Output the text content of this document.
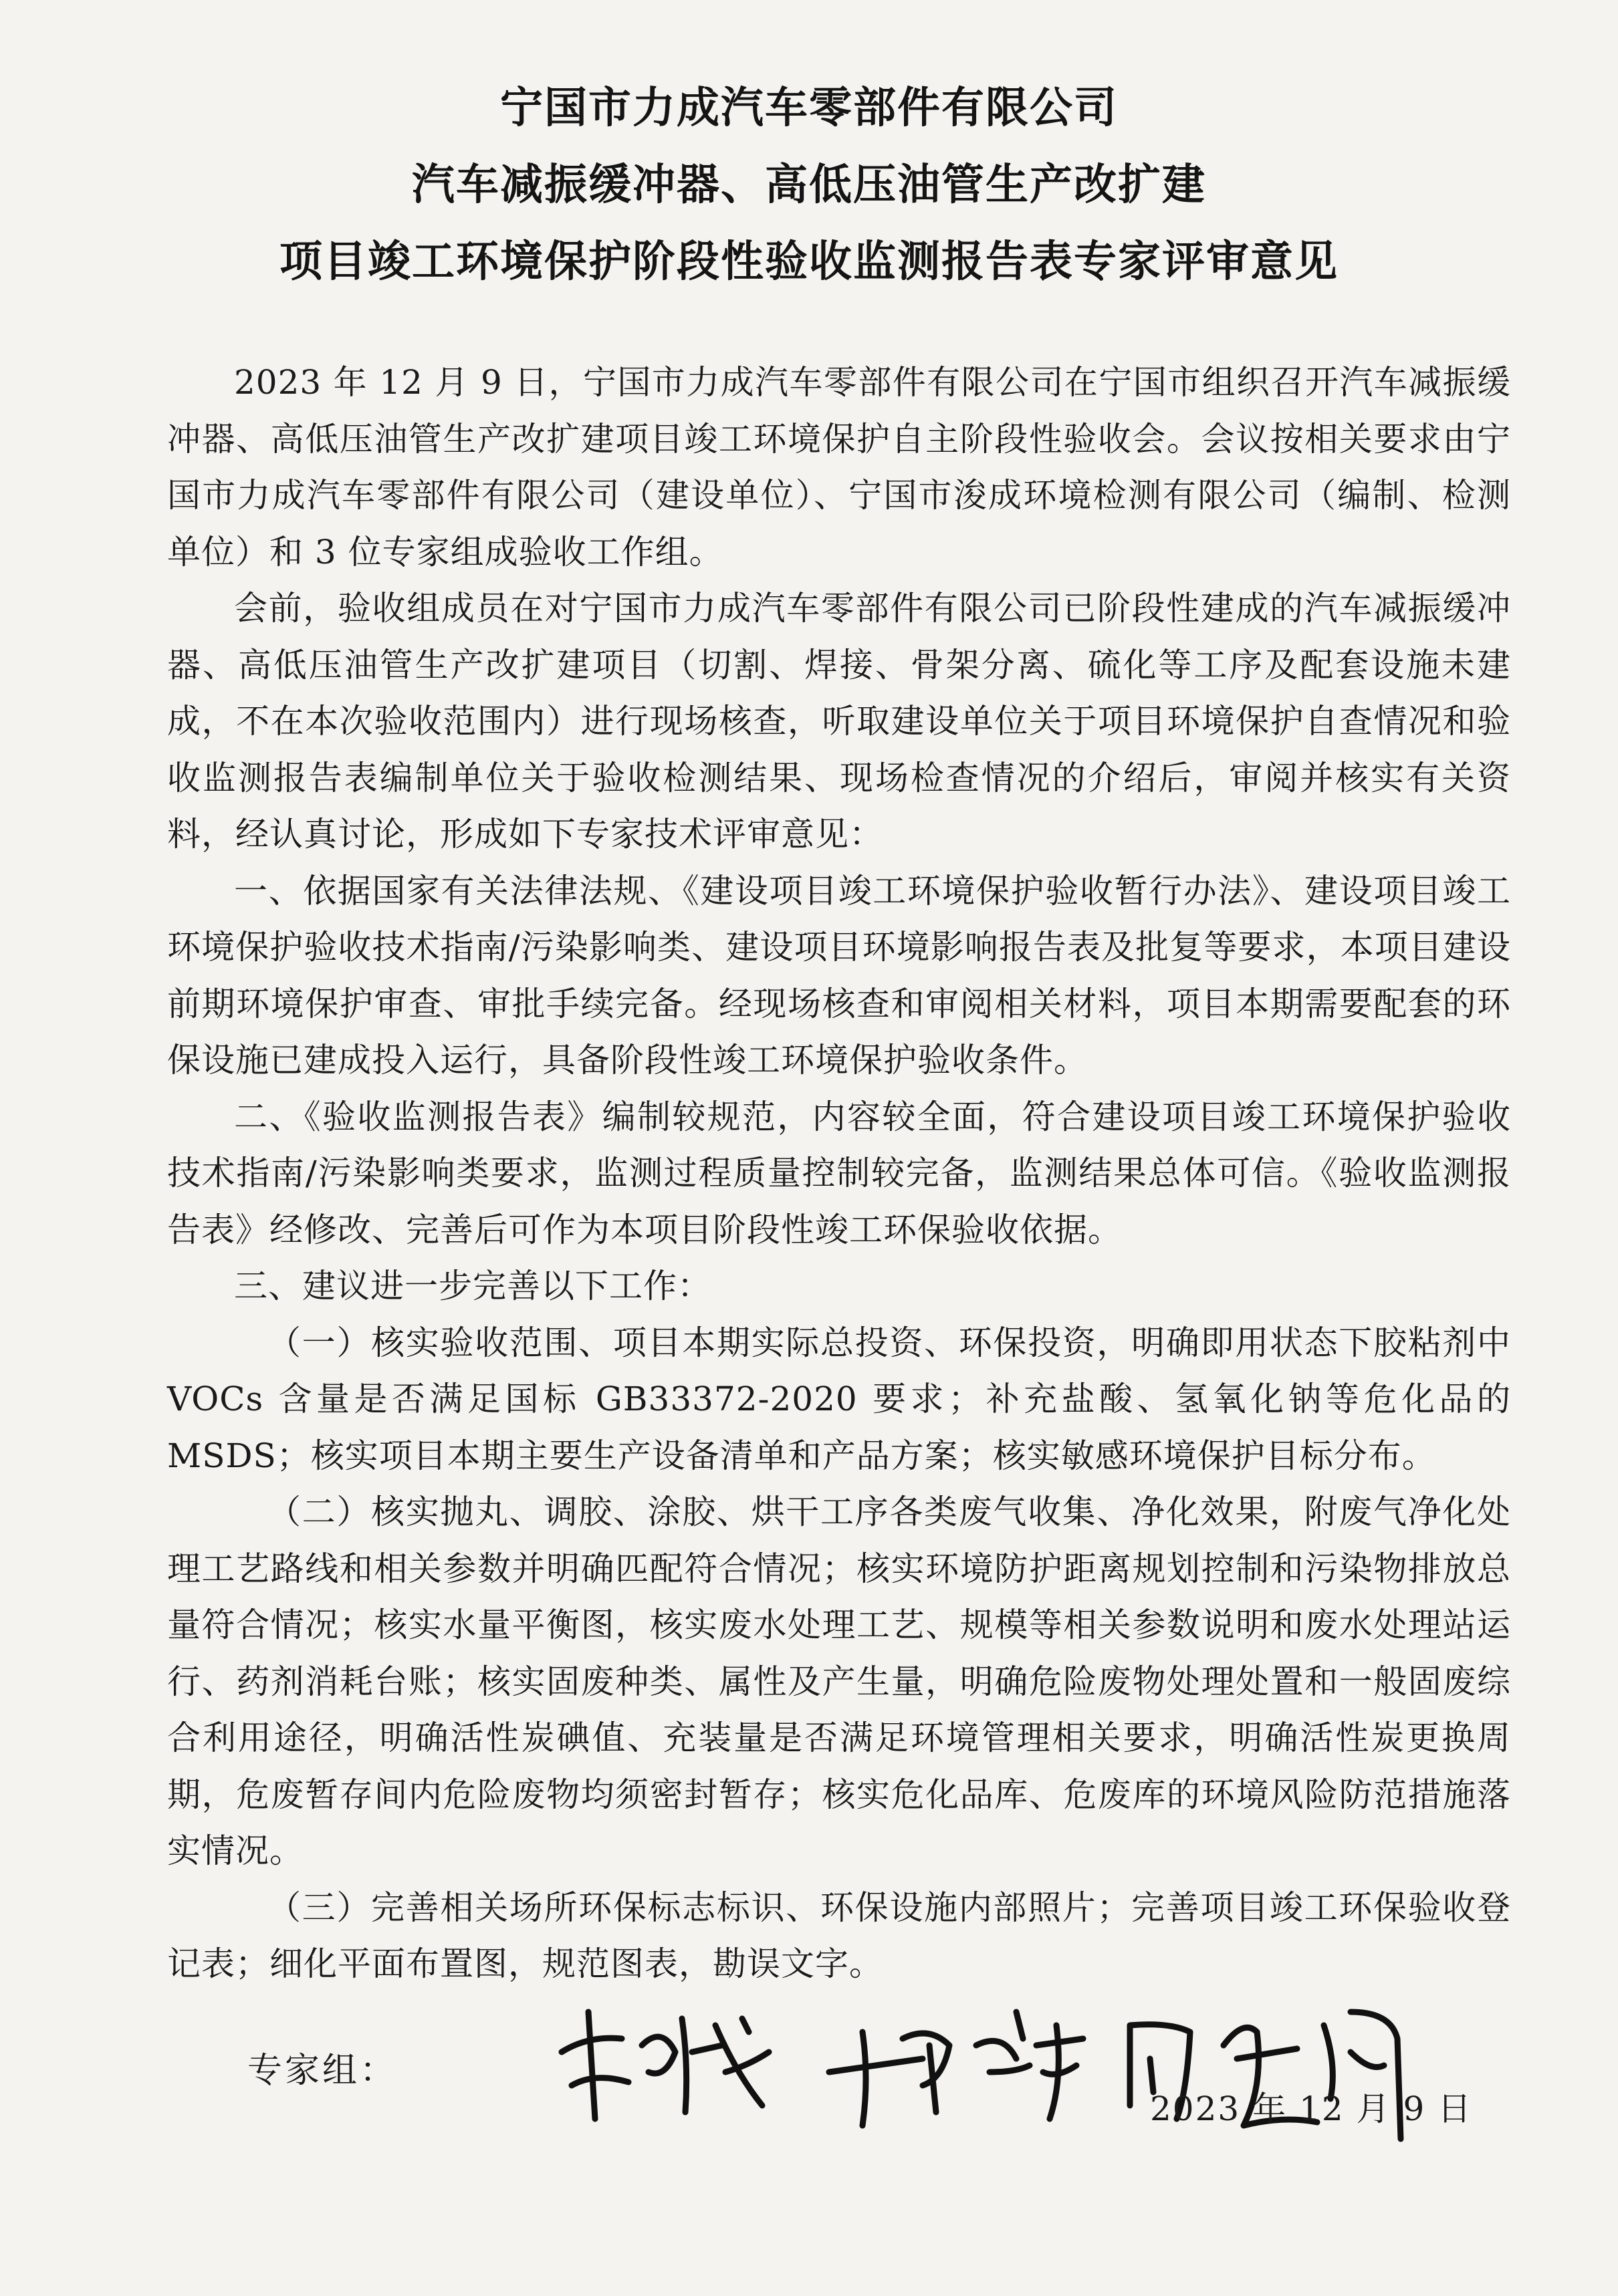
宁国市力成汽车零部件有限公司
汽车减振缓冲器、高低压油管生产改扩建
项目竣工环境保护阶段性验收监测报告表专家评审意见

2023 年 12 月 9 日，宁国市力成汽车零部件有限公司在宁国市组织召开汽车减振缓冲器、高低压油管生产改扩建项目竣工环境保护自主阶段性验收会。会议按相关要求由宁国市力成汽车零部件有限公司（建设单位）、宁国市浚成环境检测有限公司（编制、检测单位）和 3 位专家组成验收工作组。

会前，验收组成员在对宁国市力成汽车零部件有限公司已阶段性建成的汽车减振缓冲器、高低压油管生产改扩建项目（切割、焊接、骨架分离、硫化等工序及配套设施未建成，不在本次验收范围内）进行现场核查，听取建设单位关于项目环境保护自查情况和验收监测报告表编制单位关于验收检测结果、现场检查情况的介绍后，审阅并核实有关资料，经认真讨论，形成如下专家技术评审意见：

一、依据国家有关法律法规、《建设项目竣工环境保护验收暂行办法》、建设项目竣工环境保护验收技术指南/污染影响类、建设项目环境影响报告表及批复等要求，本项目建设前期环境保护审查、审批手续完备。经现场核查和审阅相关材料，项目本期需要配套的环保设施已建成投入运行，具备阶段性竣工环境保护验收条件。

二、《验收监测报告表》编制较规范，内容较全面，符合建设项目竣工环境保护验收技术指南/污染影响类要求，监测过程质量控制较完备，监测结果总体可信。《验收监测报告表》经修改、完善后可作为本项目阶段性竣工环保验收依据。

三、建议进一步完善以下工作：

（一）核实验收范围、项目本期实际总投资、环保投资，明确即用状态下胶粘剂中 VOCs 含量是否满足国标 GB33372-2020 要求；补充盐酸、氢氧化钠等危化品的 MSDS；核实项目本期主要生产设备清单和产品方案；核实敏感环境保护目标分布。

（二）核实抛丸、调胶、涂胶、烘干工序各类废气收集、净化效果，附废气净化处理工艺路线和相关参数并明确匹配符合情况；核实环境防护距离规划控制和污染物排放总量符合情况；核实水量平衡图，核实废水处理工艺、规模等相关参数说明和废水处理站运行、药剂消耗台账；核实固废种类、属性及产生量，明确危险废物处理处置和一般固废综合利用途径，明确活性炭碘值、充装量是否满足环境管理相关要求，明确活性炭更换周期，危废暂存间内危险废物均须密封暂存；核实危化品库、危废库的环境风险防范措施落实情况。

（三）完善相关场所环保标志标识、环保设施内部照片；完善项目竣工环保验收登记表；细化平面布置图，规范图表，勘误文字。

专家组：
2023 年 12 月 9 日
